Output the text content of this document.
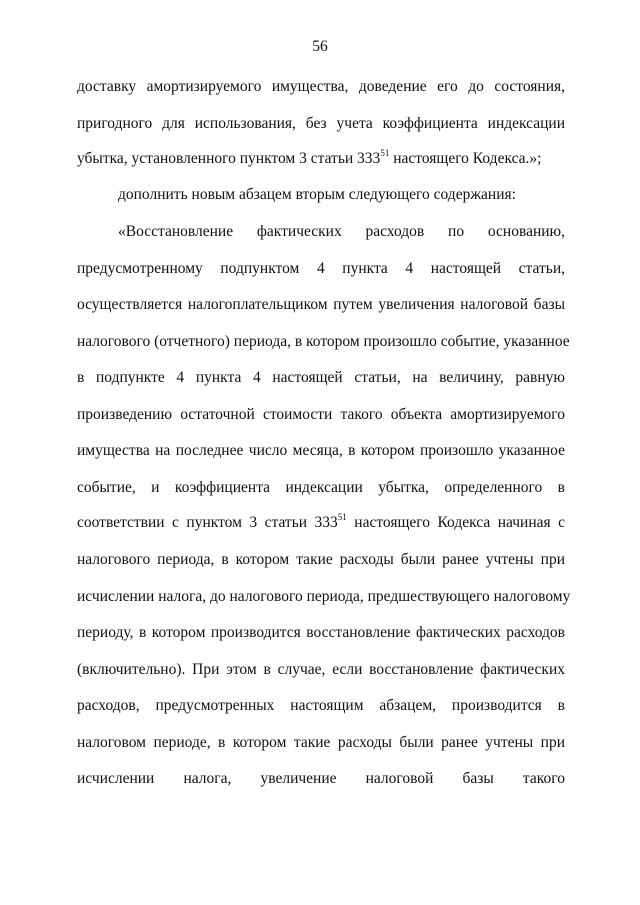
56
доставку амортизируемого имущества, доведение его до состояния,
пригодного для использования, без учета коэффициента индексации
убытка, установленного пунктом 3 статьи $333^{51}$ настоящего Кодекса.»;
дополнить новым абзацем вторым следующего содержания:
«Восстановление фактических расходов по основанию,
предусмотренному подпунктом 4 пункта 4 настоящей статьи,
осуществляется налогоплательщиком путем увеличения налоговой базы
налогового (отчетного) периода, в котором произошло событие, указанное
в подпункте 4 пункта 4 настоящей статьи, на величину, равную
произведению остаточной стоимости такого объекта амортизируемого
имущества на последнее число месяца, в котором произошло указанное
событие, и коэффициента индексации убытка, определенного в
соответствии с пунктом 3 статьи $333^{51}$ настоящего Кодекса начиная с
налогового периода, в котором такие расходы были ранее учтены при
исчислении налога, до налогового периода, предшествующего налоговому
периоду, в котором производится восстановление фактических расходов
(включительно). При этом в случае, если восстановление фактических
расходов, предусмотренных настоящим абзацем, производится в
налоговом периоде, в котором такие расходы были ранее учтены при
исчислении налога, увеличение налоговой базы такого
